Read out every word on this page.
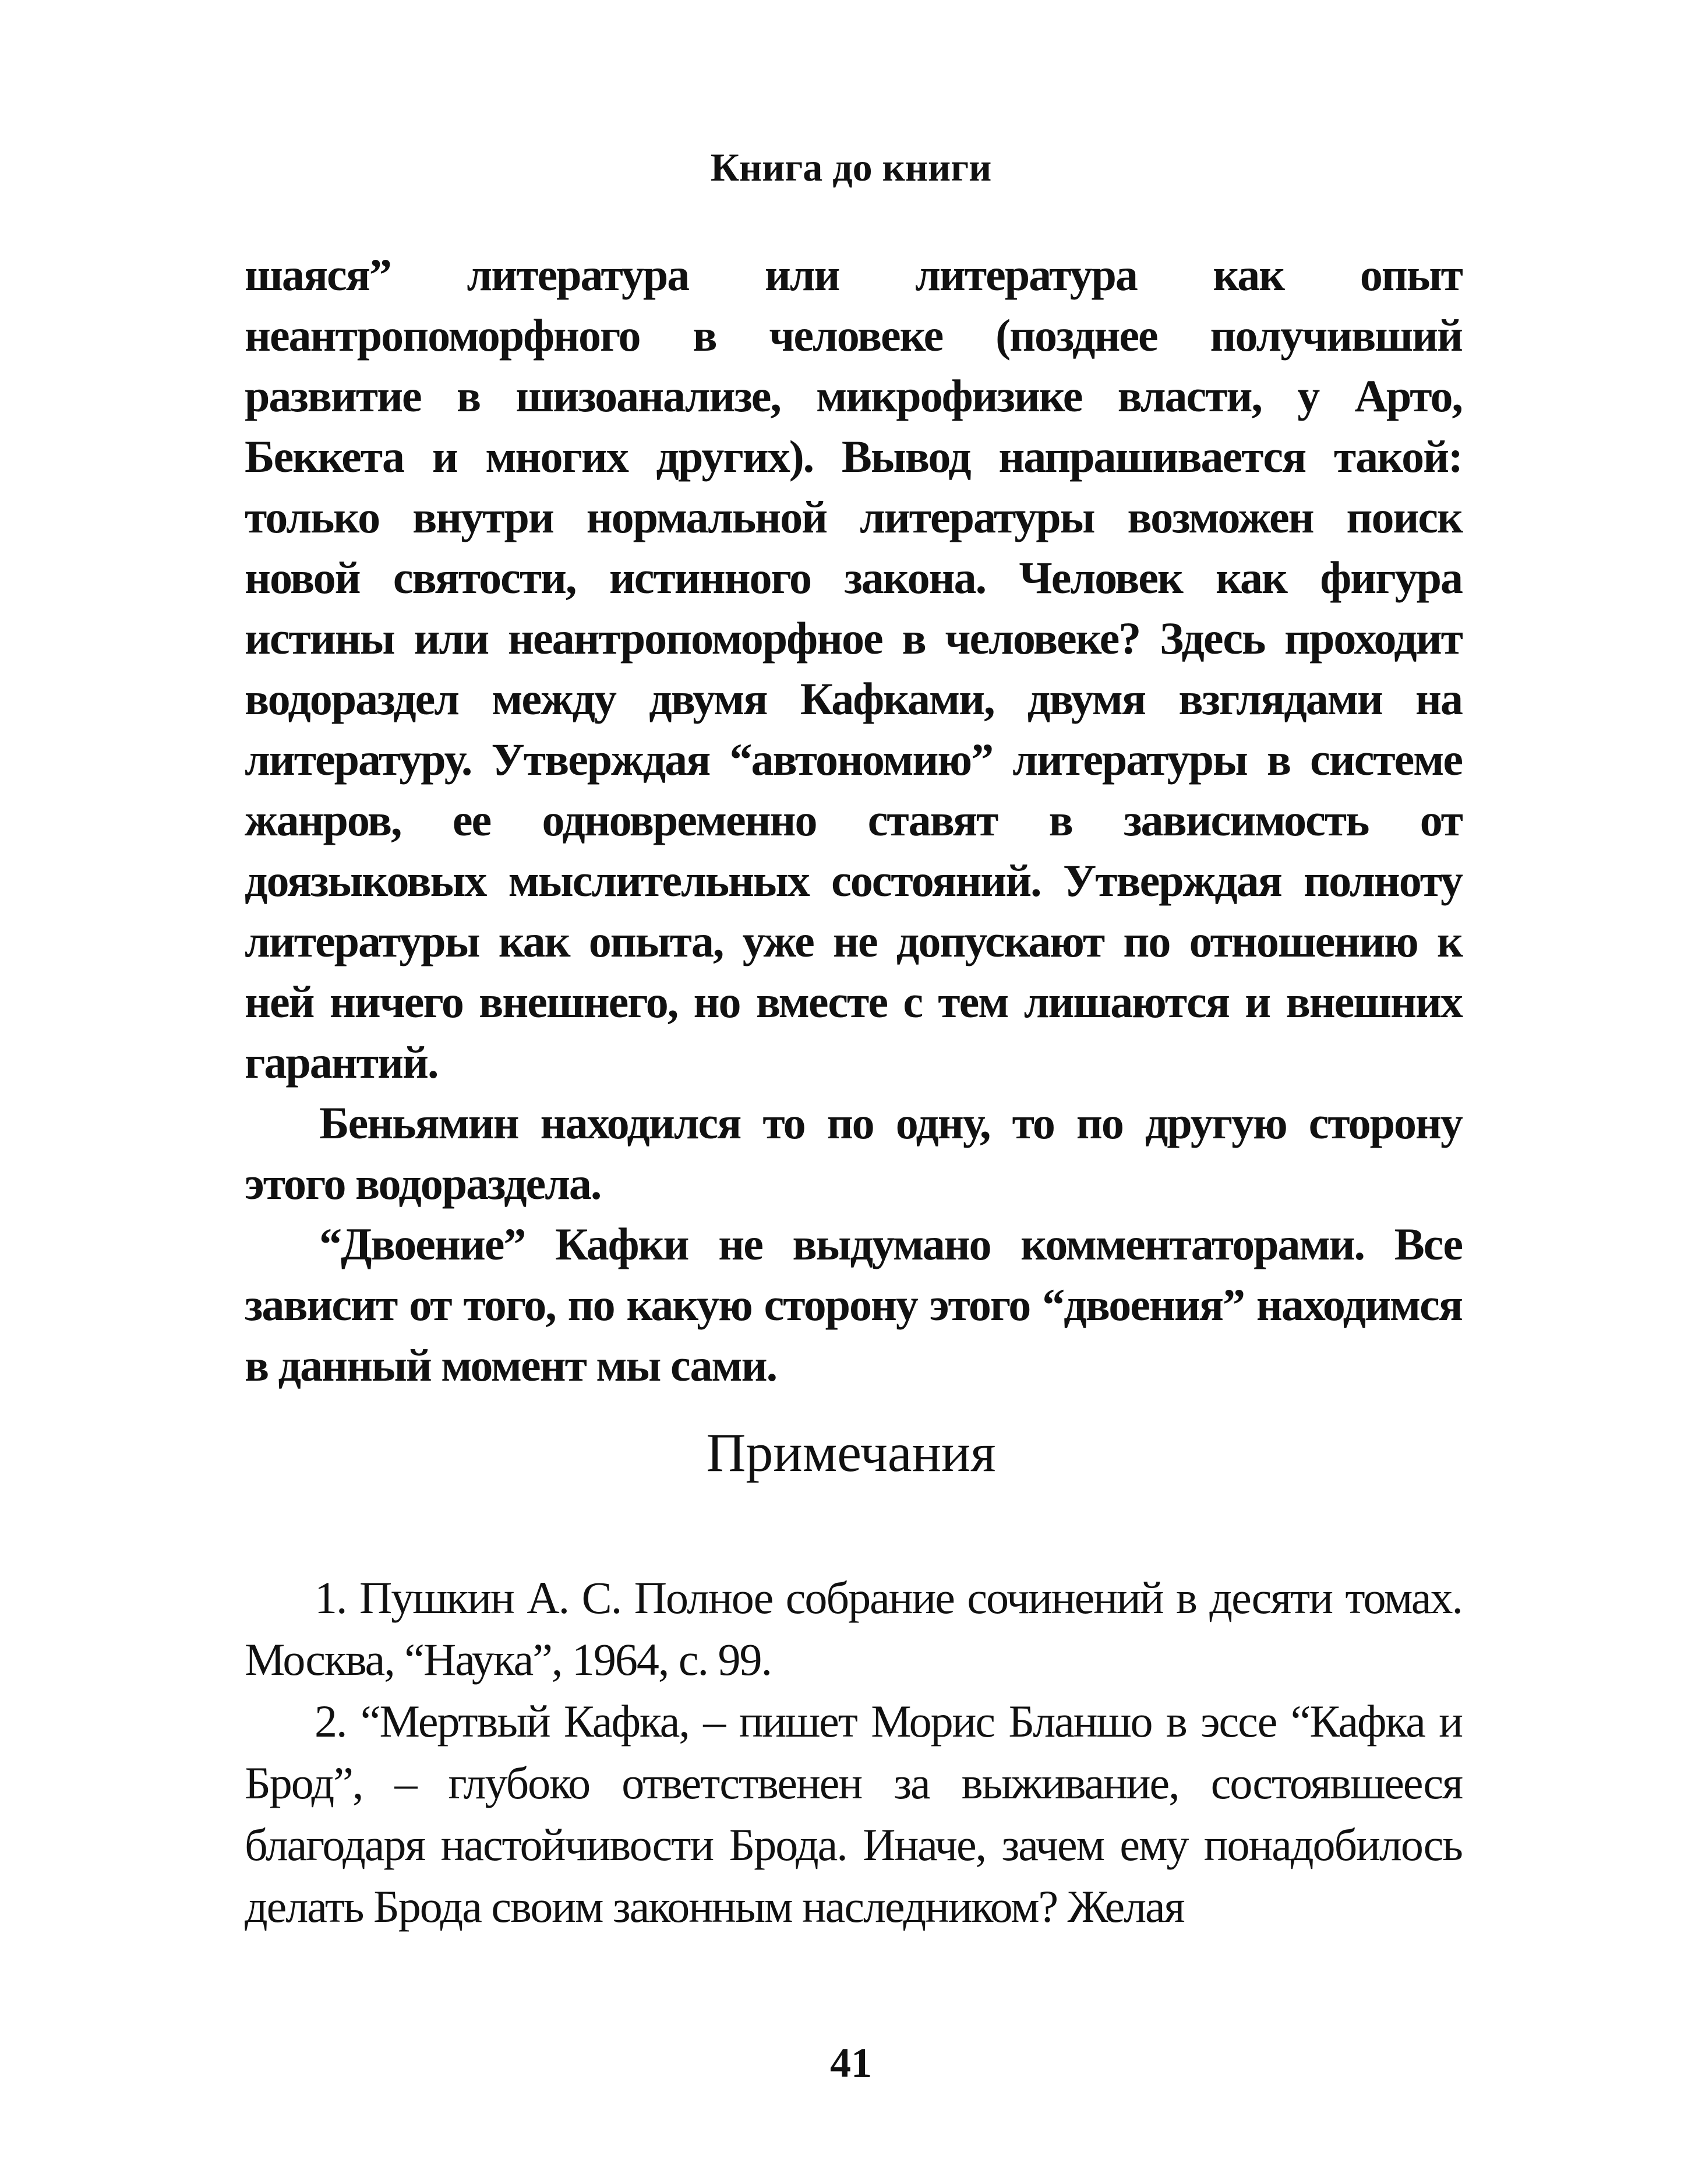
Книга до книги

шаяся” литература или литература как опыт неантропоморфного в человеке (позднее получивший развитие в шизоанализе, микрофизике власти, у Арто, Беккета и многих других). Вывод напрашивается такой: только внутри нормальной литературы возможен поиск новой святости, истинного закона. Человек как фигура истины или неантропоморфное в человеке? Здесь проходит водораздел между двумя Кафками, двумя взглядами на литературу. Утверждая “автономию” литературы в системе жанров, ее одновременно ставят в зависимость от доязыковых мыслительных состояний. Утверждая полноту литературы как опыта, уже не допускают по отношению к ней ничего внешнего, но вместе с тем лишаются и внешних гарантий.

Беньямин находился то по одну, то по другую сторону этого водораздела.

“Двоение” Кафки не выдумано комментаторами. Все зависит от того, по какую сторону этого “двоения” находимся в данный момент мы сами.

Примечания

1. Пушкин А. С. Полное собрание сочинений в десяти томах. Москва, “Наука”, 1964, с. 99.

2. “Мертвый Кафка, – пишет Морис Бланшо в эссе “Кафка и Брод”, – глубоко ответственен за выживание, состоявшееся благодаря настойчивости Брода. Иначе, зачем ему понадобилось делать Брода своим законным наследником? Желая

41
